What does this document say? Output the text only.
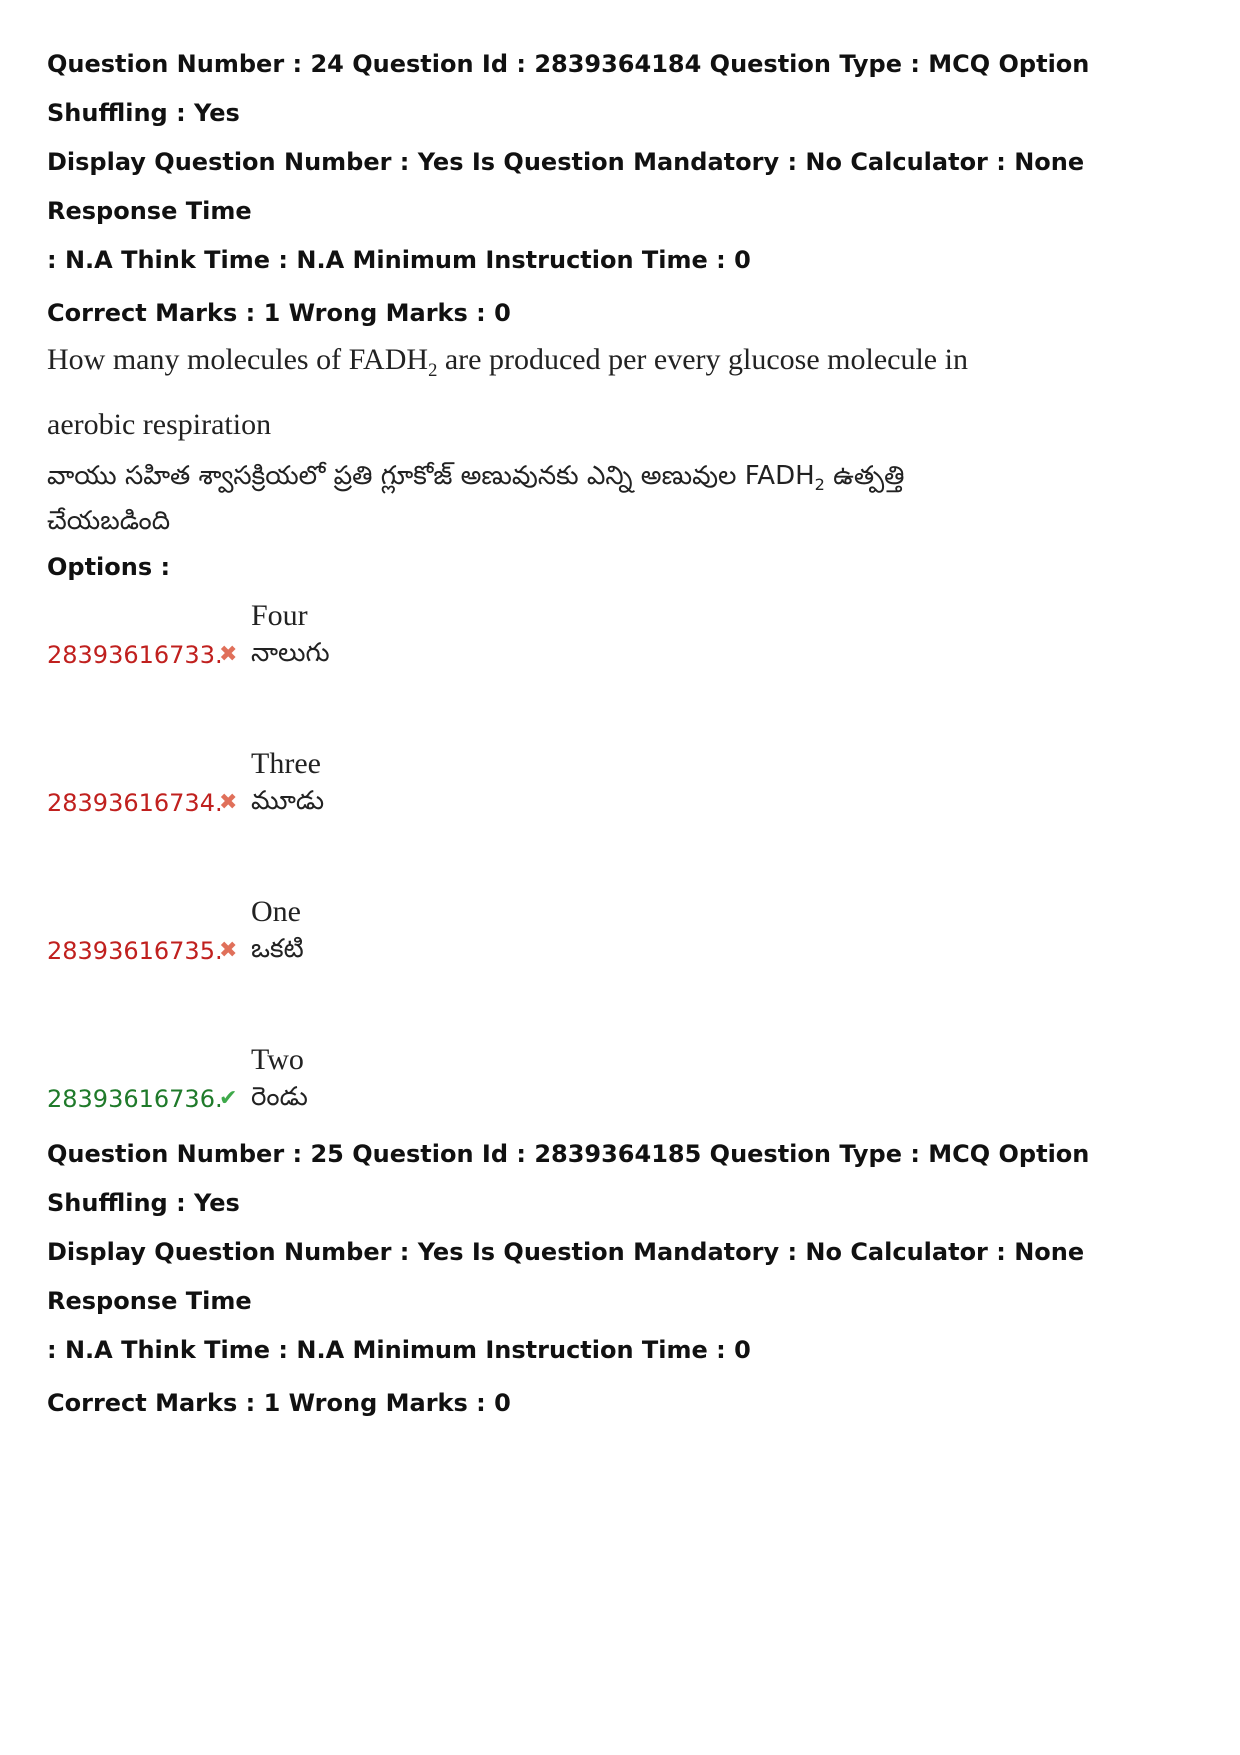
Question Number : 24 Question Id : 2839364184 Question Type : MCQ Option Shuffling : Yes
Display Question Number : Yes Is Question Mandatory : No Calculator : None Response Time
: N.A Think Time : N.A Minimum Instruction Time : 0
Correct Marks : 1 Wrong Marks : 0
How many molecules of $FADH_2$ are produced per every glucose molecule in
aerobic respiration
వాయు సహిత శ్వాసక్రియలో ప్రతి గ్లూకోజ్ అణువునకు ఎన్ని అణువుల $FADH_2$ ఉత్పత్తి
చేయబడింది
Options :
28393616733.
✖
Four
నాలుగు
28393616734.
✖
Three
మూడు
28393616735.
✖
One
ఒకటి
28393616736.
✔
Two
రెండు
Question Number : 25 Question Id : 2839364185 Question Type : MCQ Option Shuffling : Yes
Display Question Number : Yes Is Question Mandatory : No Calculator : None Response Time
: N.A Think Time : N.A Minimum Instruction Time : 0
Correct Marks : 1 Wrong Marks : 0
